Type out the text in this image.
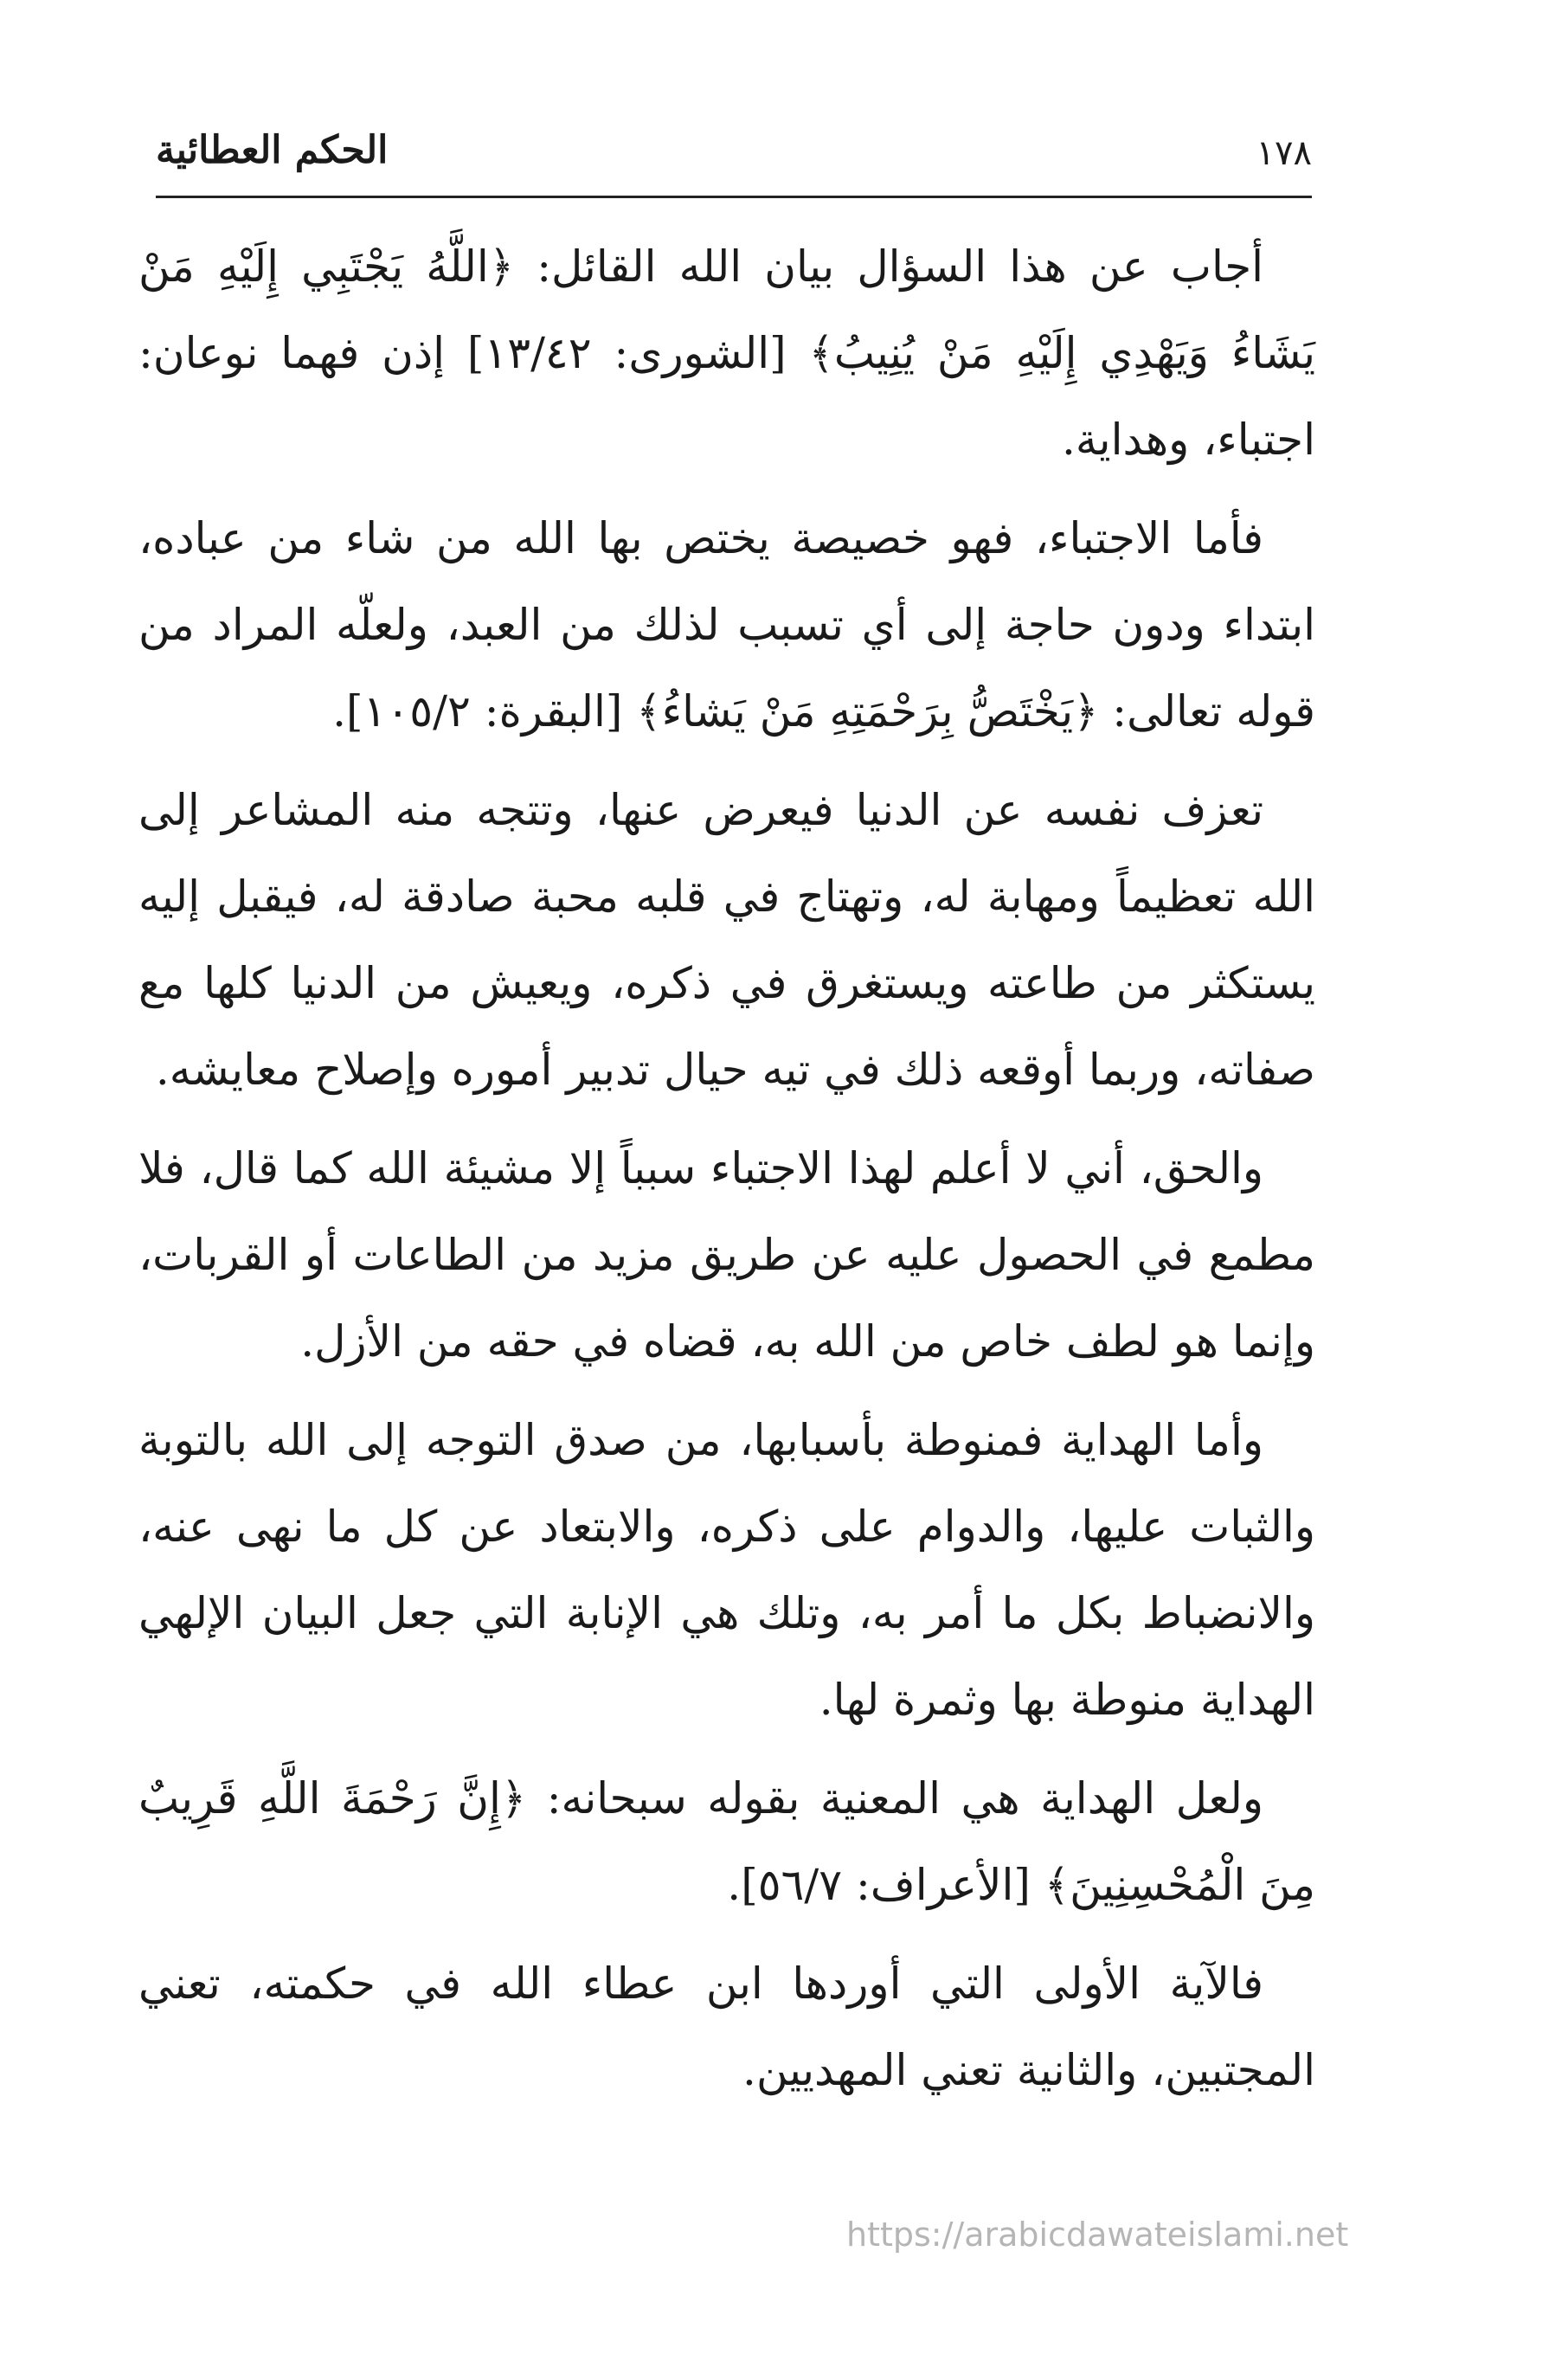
١٧٨
الحكم العطائية

أجاب عن هذا السؤال بيان الله القائل: ﴿اللَّهُ يَجْتَبِي إِلَيْهِ مَنْ يَشَاءُ وَيَهْدِي إِلَيْهِ مَنْ يُنِيبُ﴾ [الشورى: ١٣/٤٢] إذن فهما نوعان: اجتباء، وهداية.

فأما الاجتباء، فهو خصيصة يختص بها الله من شاء من عباده، ابتداء ودون حاجة إلى أي تسبب لذلك من العبد، ولعلّه المراد من قوله تعالى: ﴿يَخْتَصُّ بِرَحْمَتِهِ مَنْ يَشاءُ﴾ [البقرة: ١٠٥/٢].

تعزف نفسه عن الدنيا فيعرض عنها، وتتجه منه المشاعر إلى الله تعظيماً ومهابة له، وتهتاج في قلبه محبة صادقة له، فيقبل إليه يستكثر من طاعته ويستغرق في ذكره، ويعيش من الدنيا كلها مع صفاته، وربما أوقعه ذلك في تيه حيال تدبير أموره وإصلاح معايشه.

والحق، أني لا أعلم لهذا الاجتباء سبباً إلا مشيئة الله كما قال، فلا مطمع في الحصول عليه عن طريق مزيد من الطاعات أو القربات، وإنما هو لطف خاص من الله به، قضاه في حقه من الأزل.

وأما الهداية فمنوطة بأسبابها، من صدق التوجه إلى الله بالتوبة والثبات عليها، والدوام على ذكره، والابتعاد عن كل ما نهى عنه، والانضباط بكل ما أمر به، وتلك هي الإنابة التي جعل البيان الإلهي الهداية منوطة بها وثمرة لها.

ولعل الهداية هي المعنية بقوله سبحانه: ﴿إِنَّ رَحْمَةَ اللَّهِ قَرِيبٌ مِنَ الْمُحْسِنِينَ﴾ [الأعراف: ٥٦/٧].

فالآية الأولى التي أوردها ابن عطاء الله في حكمته، تعني المجتبين، والثانية تعني المهديين.

https://arabicdawateislami.net
